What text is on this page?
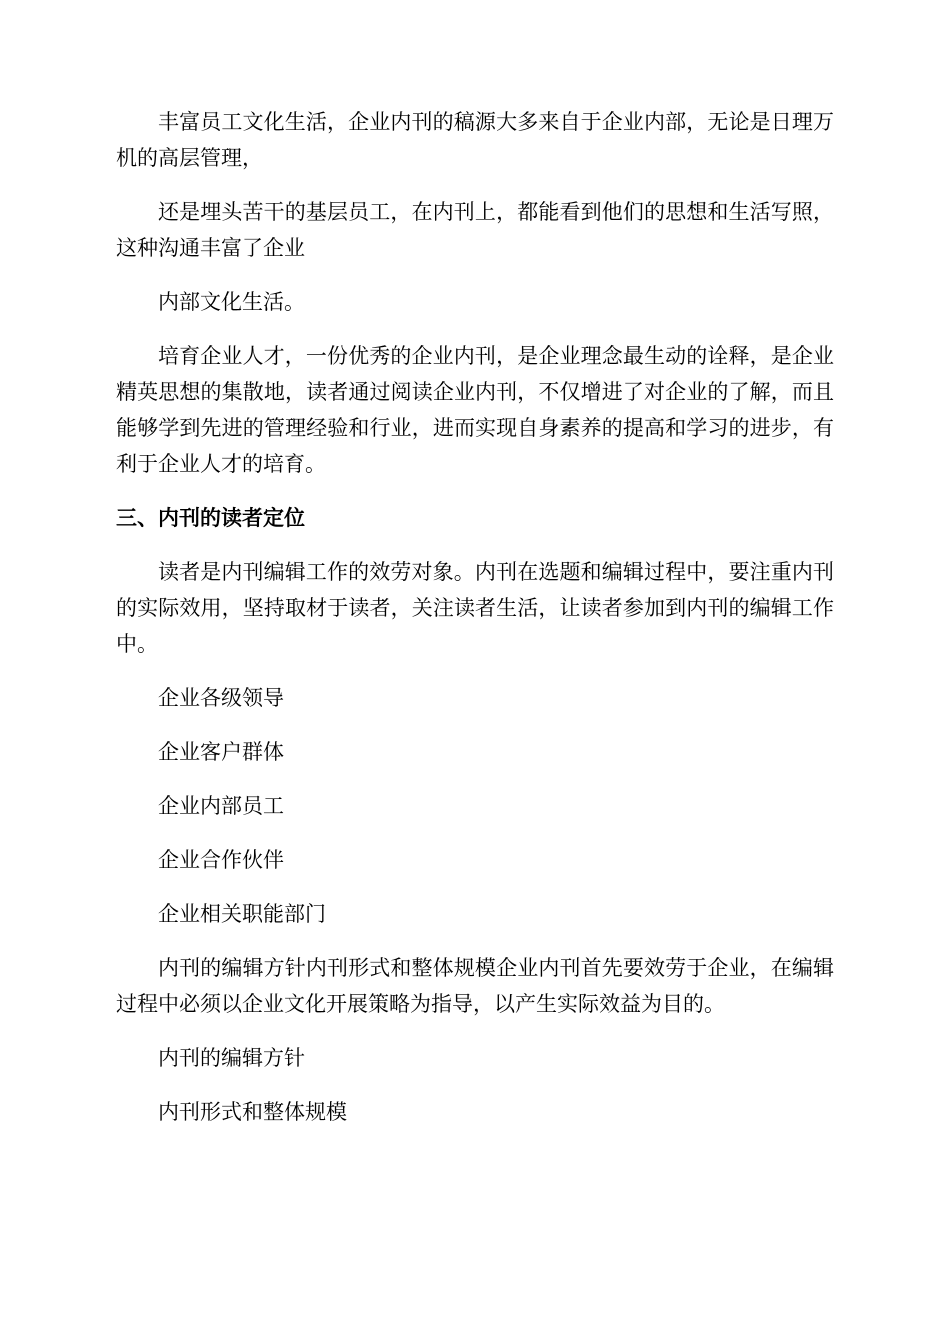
丰富员工文化生活，企业内刊的稿源大多来自于企业内部，无论是日理万机的高层管理，

还是埋头苦干的基层员工，在内刊上，都能看到他们的思想和生活写照，这种沟通丰富了企业

内部文化生活。

培育企业人才，一份优秀的企业内刊，是企业理念最生动的诠释，是企业精英思想的集散地，读者通过阅读企业内刊，不仅增进了对企业的了解，而且能够学到先进的管理经验和行业，进而实现自身素养的提高和学习的进步，有利于企业人才的培育。

三、内刊的读者定位

读者是内刊编辑工作的效劳对象。内刊在选题和编辑过程中，要注重内刊的实际效用，坚持取材于读者，关注读者生活，让读者参加到内刊的编辑工作中。

企业各级领导

企业客户群体

企业内部员工

企业合作伙伴

企业相关职能部门

内刊的编辑方针内刊形式和整体规模企业内刊首先要效劳于企业，在编辑过程中必须以企业文化开展策略为指导，以产生实际效益为目的。

内刊的编辑方针

内刊形式和整体规模
